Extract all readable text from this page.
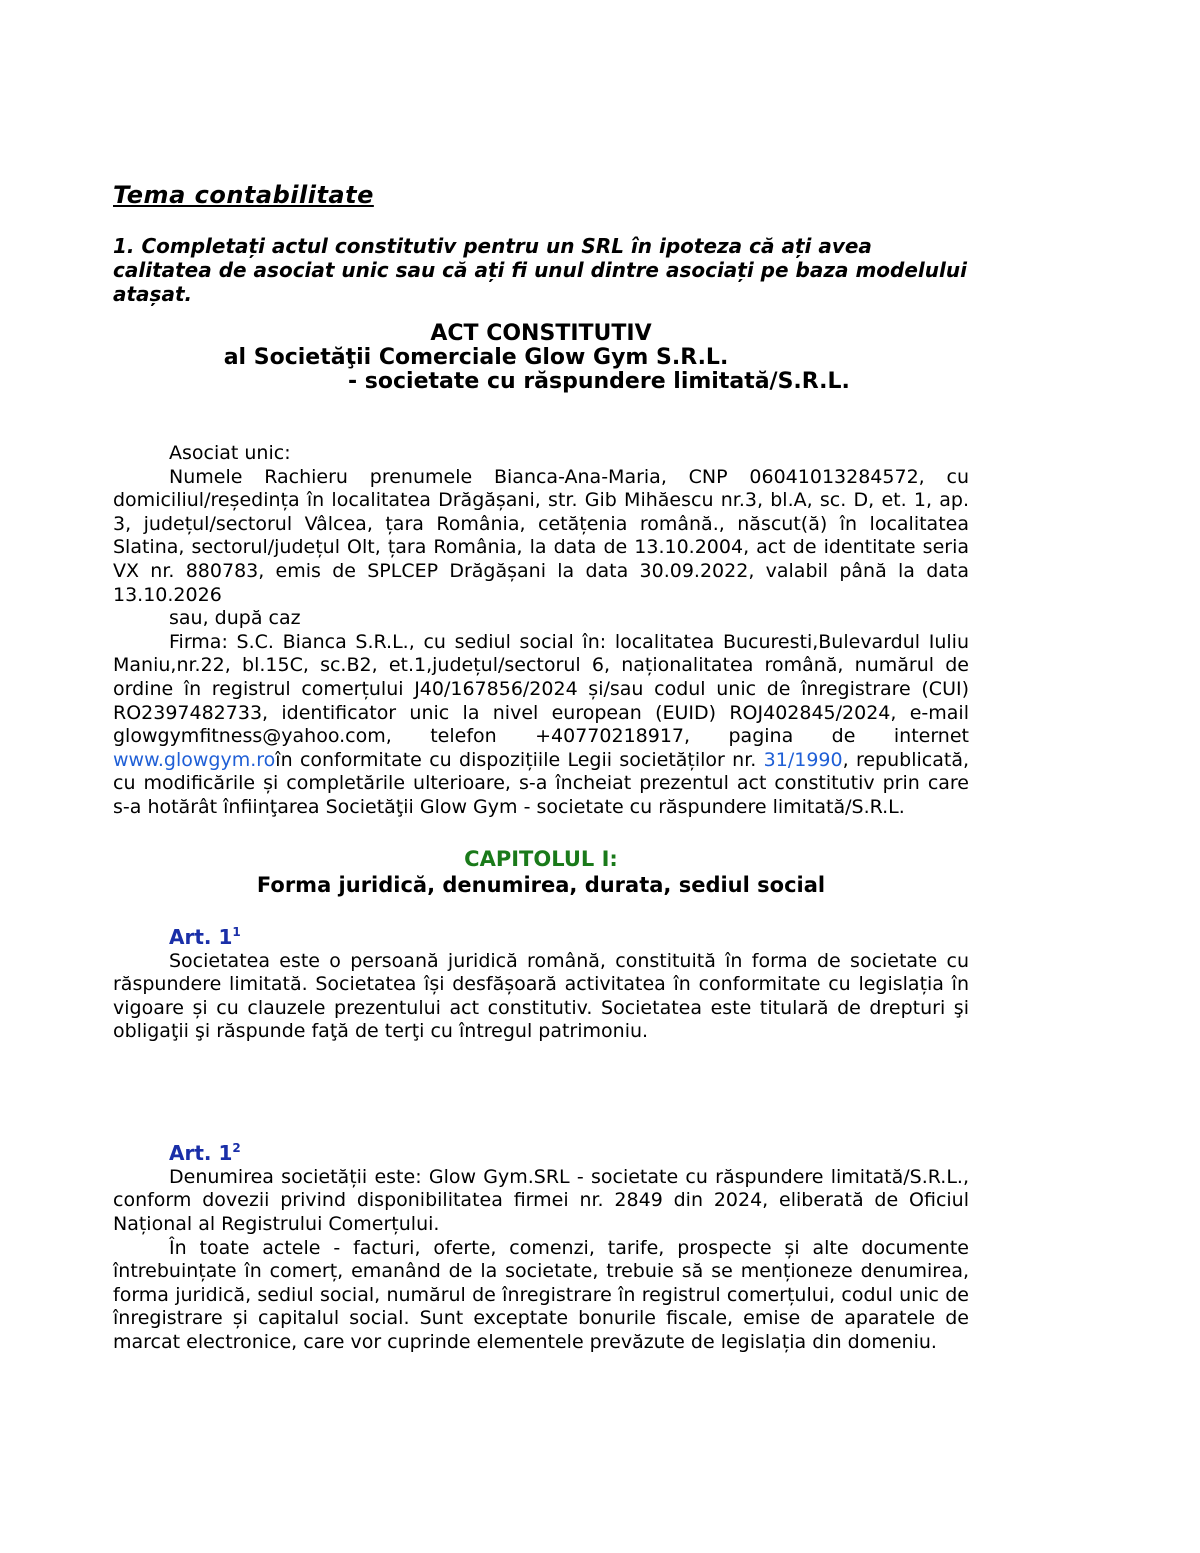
Tema contabilitate

1. Completați actul constitutiv pentru un SRL în ipoteza că ați avea calitatea de asociat unic sau că ați fi unul dintre asociați pe baza modelului atașat.

ACT CONSTITUTIV

al Societăţii Comerciale Glow Gym S.R.L.

- societate cu răspundere limitată/S.R.L.

Asociat unic:

Numele Rachieru prenumele Bianca-Ana-Maria, CNP 06041013284572, cu domiciliul/reședința în localitatea Drăgășani, str. Gib Mihăescu nr.3, bl.A, sc. D, et. 1, ap. 3, județul/sectorul Vâlcea, țara România, cetățenia română., născut(ă) în localitatea Slatina, sectorul/județul Olt, țara România, la data de 13.10.2004, act de identitate seria VX nr. 880783, emis de SPLCEP Drăgășani la data 30.09.2022, valabil până la data 13.10.2026

sau, după caz

Firma: S.C. Bianca S.R.L., cu sediul social în: localitatea Bucuresti,Bulevardul Iuliu Maniu,nr.22, bl.15C, sc.B2, et.1,județul/sectorul 6, naționalitatea română, numărul de ordine în registrul comerțului J40/167856/2024 și/sau codul unic de înregistrare (CUI) RO2397482733, identificator unic la nivel european (EUID) ROJ402845/2024, e-mail glowgymfitness@yahoo.com, telefon +40770218917, pagina de internet www.glowgym.roîn conformitate cu dispozițiile Legii societăților nr. 31/1990, republicată, cu modificările și completările ulterioare, s-a încheiat prezentul act constitutiv prin care s-a hotărât înfiinţarea Societăţii Glow Gym - societate cu răspundere limitată/S.R.L.

CAPITOLUL I:

Forma juridică, denumirea, durata, sediul social

Art. $1^1$

Societatea este o persoană juridică română, constituită în forma de societate cu răspundere limitată. Societatea își desfășoară activitatea în conformitate cu legislația în vigoare și cu clauzele prezentului act constitutiv. Societatea este titulară de drepturi şi obligaţii şi răspunde faţă de terţi cu întregul patrimoniu.

Art. $1^2$

Denumirea societății este: Glow Gym.SRL - societate cu răspundere limitată/S.R.L., conform dovezii privind disponibilitatea firmei nr. 2849 din 2024, eliberată de Oficiul Național al Registrului Comerțului.

În toate actele - facturi, oferte, comenzi, tarife, prospecte și alte documente întrebuințate în comerț, emanând de la societate, trebuie să se menționeze denumirea, forma juridică, sediul social, numărul de înregistrare în registrul comerțului, codul unic de înregistrare și capitalul social. Sunt exceptate bonurile fiscale, emise de aparatele de marcat electronice, care vor cuprinde elementele prevăzute de legislația din domeniu.
